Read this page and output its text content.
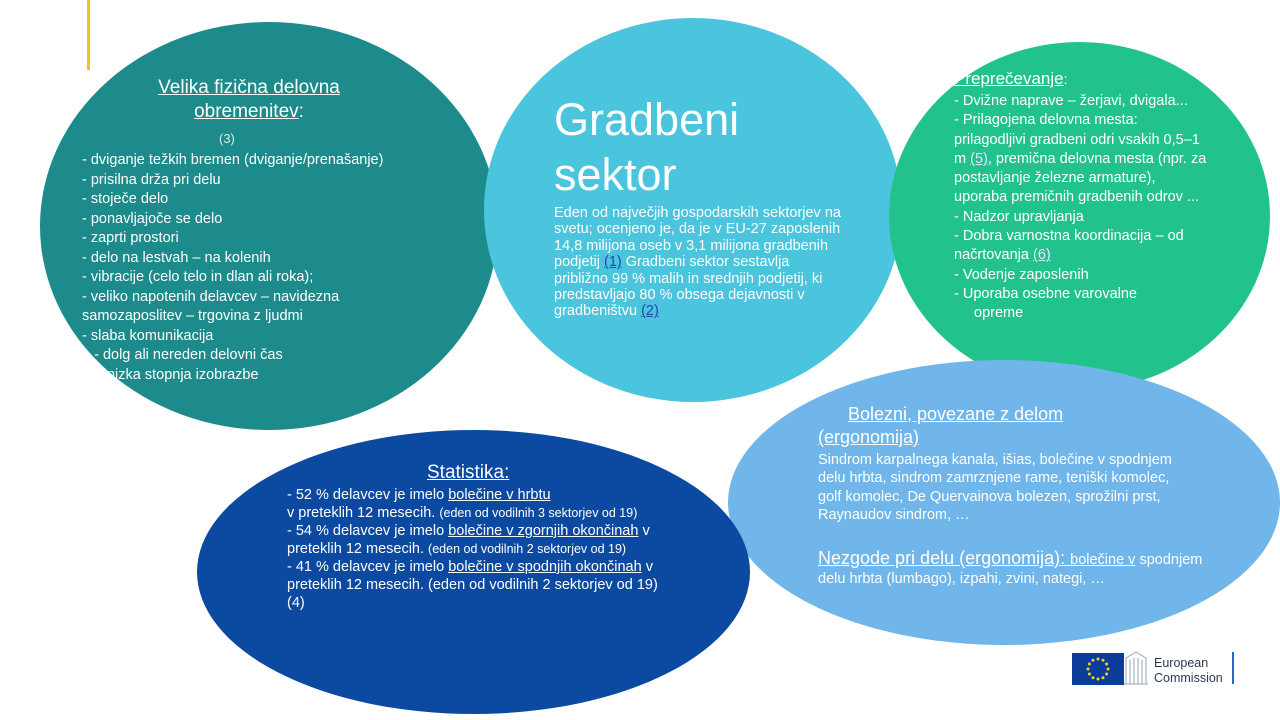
Velika fizična delovna
obremenitev:
(3)
- dviganje težkih bremen (dviganje/prenašanje)
- prisilna drža pri delu
- stoječe delo
- ponavljajoče se delo
- zaprti prostori
- delo na lestvah – na kolenih
- vibracije (celo telo in dlan ali roka);
- veliko napotenih delavcev – navidezna
samozaposlitev – trgovina z ljudmi
- slaba komunikacija
- dolg ali nereden delovni čas
- nizka stopnja izobrazbe
Gradbeni
sektor
Eden od največjih gospodarskih sektorjev na svetu; ocenjeno je, da je v EU-27 zaposlenih 14,8 milijona oseb v 3,1 milijona gradbenih podjetij (1) Gradbeni sektor sestavlja približno 99 % malih in srednjih podjetij, ki predstavljajo 80 % obsega dejavnosti v gradbeništvu (2)
Preprečevanje:
- Dvižne naprave – žerjavi, dvigala...
- Prilagojena delovna mesta: prilagodljivi gradbeni odri vsakih 0,5–1 m (5), premična delovna mesta (npr. za postavljanje železne armature), uporaba premičnih gradbenih odrov ...
- Nadzor upravljanja
- Dobra varnostna koordinacija – od načrtovanja (6)
- Vodenje zaposlenih
- Uporaba osebne varovalne
opreme
Statistika:
- 52 % delavcev je imelo bolečine v hrbtu
v preteklih 12 mesecih. (eden od vodilnih 3 sektorjev od 19)
- 54 % delavcev je imelo bolečine v zgornjih okončinah v preteklih 12 mesecih. (eden od vodilnih 2 sektorjev od 19)
- 41 % delavcev je imelo bolečine v spodnjih okončinah v preteklih 12 mesecih. (eden od vodilnih 2 sektorjev od 19) (4)
Bolezni, povezane z delom (ergonomija)
Sindrom karpalnega kanala, išias, bolečine v spodnjem delu hrbta, sindrom zamrznjene rame, teniški komolec, golf komolec, De Quervainova bolezen, sprožilni prst, Raynaudov sindrom, …
Nezgode pri delu (ergonomija): bolečine v spodnjem delu hrbta (lumbago), izpahi, zvini, nategi, …
European
Commission
